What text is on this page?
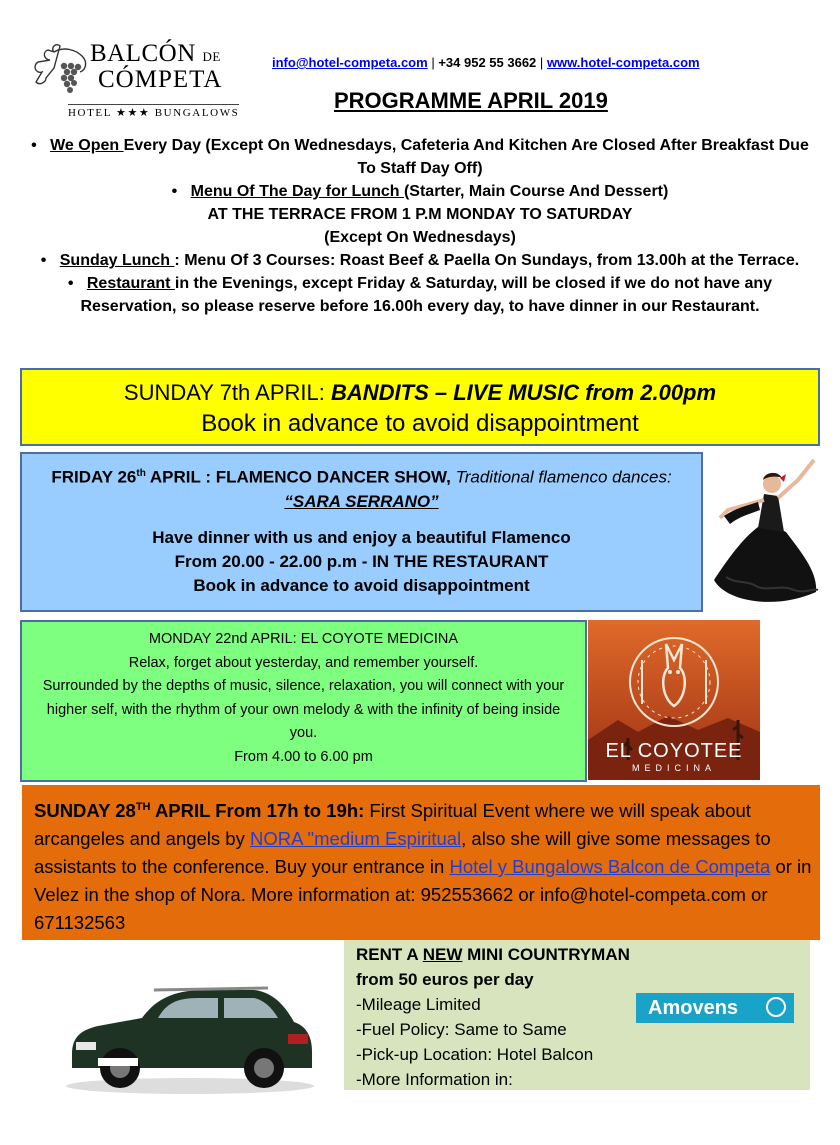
BALCÓN DE
CÓMPETA
HOTEL ★★★ BUNGALOWS
info@hotel-competa.com | +34 952 55 3662 | www.hotel-competa.com
PROGRAMME APRIL 2019

• We Open Every Day (Except On Wednesdays, Cafeteria And Kitchen Are Closed After Breakfast Due To Staff Day Off)

• Menu Of The Day for Lunch (Starter, Main Course And Dessert)
AT THE TERRACE FROM 1 P.M MONDAY TO SATURDAY
(Except On Wednesdays)

• Sunday Lunch : Menu Of 3 Courses: Roast Beef & Paella On Sundays, from 13.00h at the Terrace.

• Restaurant in the Evenings, except Friday & Saturday, will be closed if we do not have any Reservation, so please reserve before 16.00h every day, to have dinner in our Restaurant.

SUNDAY 7th APRIL: BANDITS – LIVE MUSIC from 2.00pm
Book in advance to avoid disappointment
FRIDAY 26th APRIL : FLAMENCO DANCER SHOW, Traditional flamenco dances: “SARA SERRANO”
Have dinner with us and enjoy a beautiful Flamenco
From 20.00 - 22.00 p.m - IN THE RESTAURANT
Book in advance to avoid disappointment
MONDAY 22nd APRIL: EL COYOTE MEDICINA
Relax, forget about yesterday, and remember yourself.
Surrounded by the depths of music, silence, relaxation, you will connect with your higher self, with the rhythm of your own melody & with the infinity of being inside you.
From 4.00 to 6.00 pm	EL COYOTEE
MEDICINA
SUNDAY 28TH APRIL From 17h to 19h: First Spiritual Event where we will speak about arcangeles and angels by NORA "medium Espiritual, also she will give some messages to assistants to the conference. Buy your entrance in Hotel y Bungalows Balcon de Competa or in Velez in the shop of Nora. More information at: 952553662 or info@hotel-competa.com or 671132563
RENT A NEW MINI COUNTRYMAN
from 50 euros per day
-Mileage Limited
-Fuel Policy: Same to Same
-Pick-up Location: Hotel Balcon
-More Information in:
Amovens
